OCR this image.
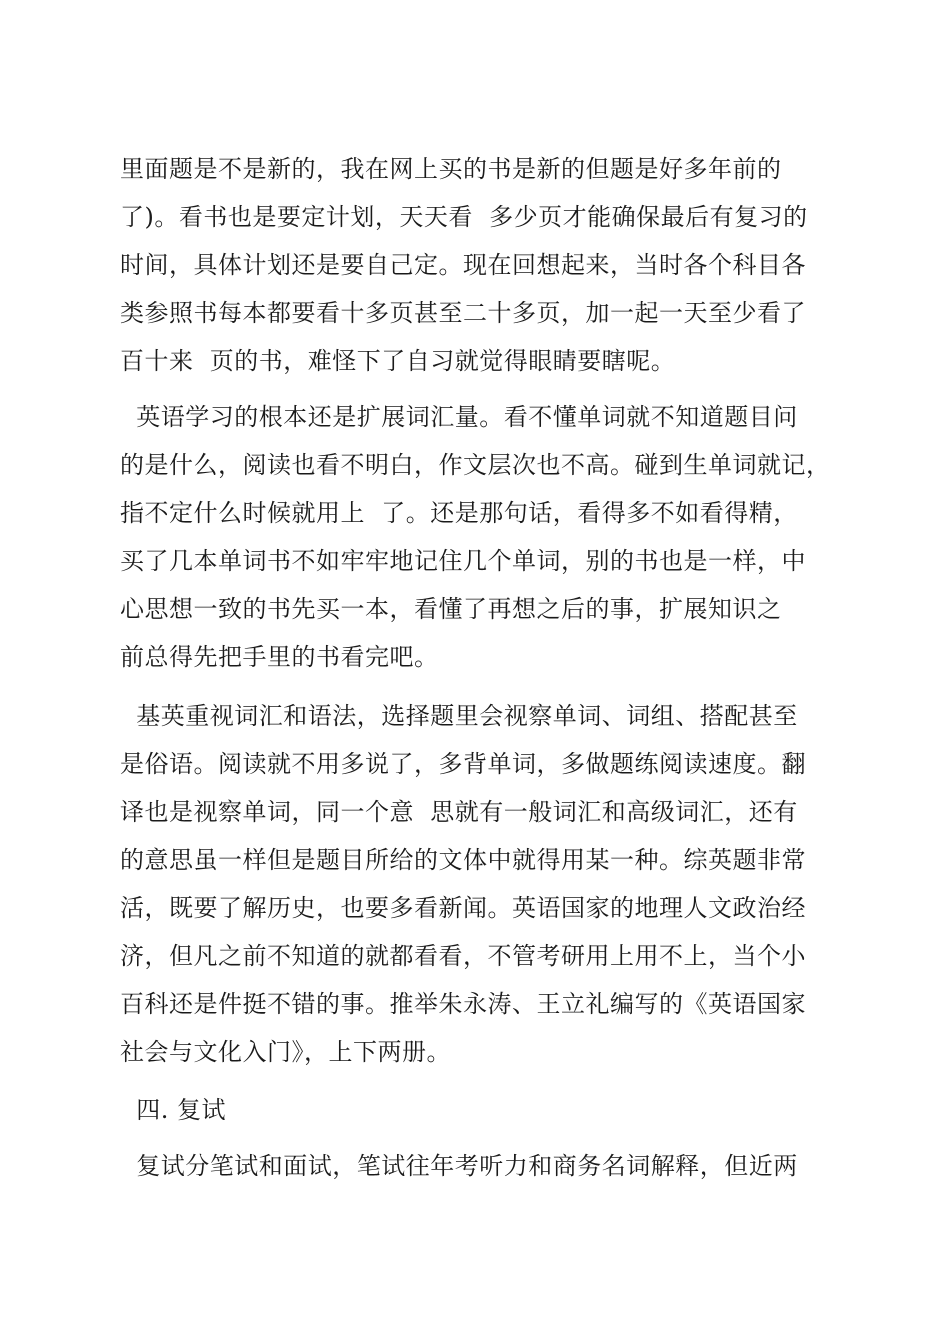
里面题是不是新的，我在网上买的书是新的但题是好多年前的
了)。看书也是要定计划，天天看  多少页才能确保最后有复习的
时间，具体计划还是要自己定。现在回想起来，当时各个科目各
类参照书每本都要看十多页甚至二十多页，加一起一天至少看了
百十来  页的书，难怪下了自习就觉得眼睛要瞎呢。
英语学习的根本还是扩展词汇量。看不懂单词就不知道题目问
的是什么，阅读也看不明白，作文层次也不高。碰到生单词就记，
指不定什么时候就用上  了。还是那句话，看得多不如看得精，
买了几本单词书不如牢牢地记住几个单词，别的书也是一样，中
心思想一致的书先买一本，看懂了再想之后的事，扩展知识之
前总得先把手里的书看完吧。
基英重视词汇和语法，选择题里会视察单词、词组、搭配甚至
是俗语。阅读就不用多说了，多背单词，多做题练阅读速度。翻
译也是视察单词，同一个意  思就有一般词汇和高级词汇，还有
的意思虽一样但是题目所给的文体中就得用某一种。综英题非常
活，既要了解历史，也要多看新闻。英语国家的地理人文政治经
济，但凡之前不知道的就都看看，不管考研用上用不上，当个小
百科还是件挺不错的事。推举朱永涛、王立礼编写的《英语国家
社会与文化入门》，上下两册。
四. 复试
复试分笔试和面试，笔试往年考听力和商务名词解释，但近两
